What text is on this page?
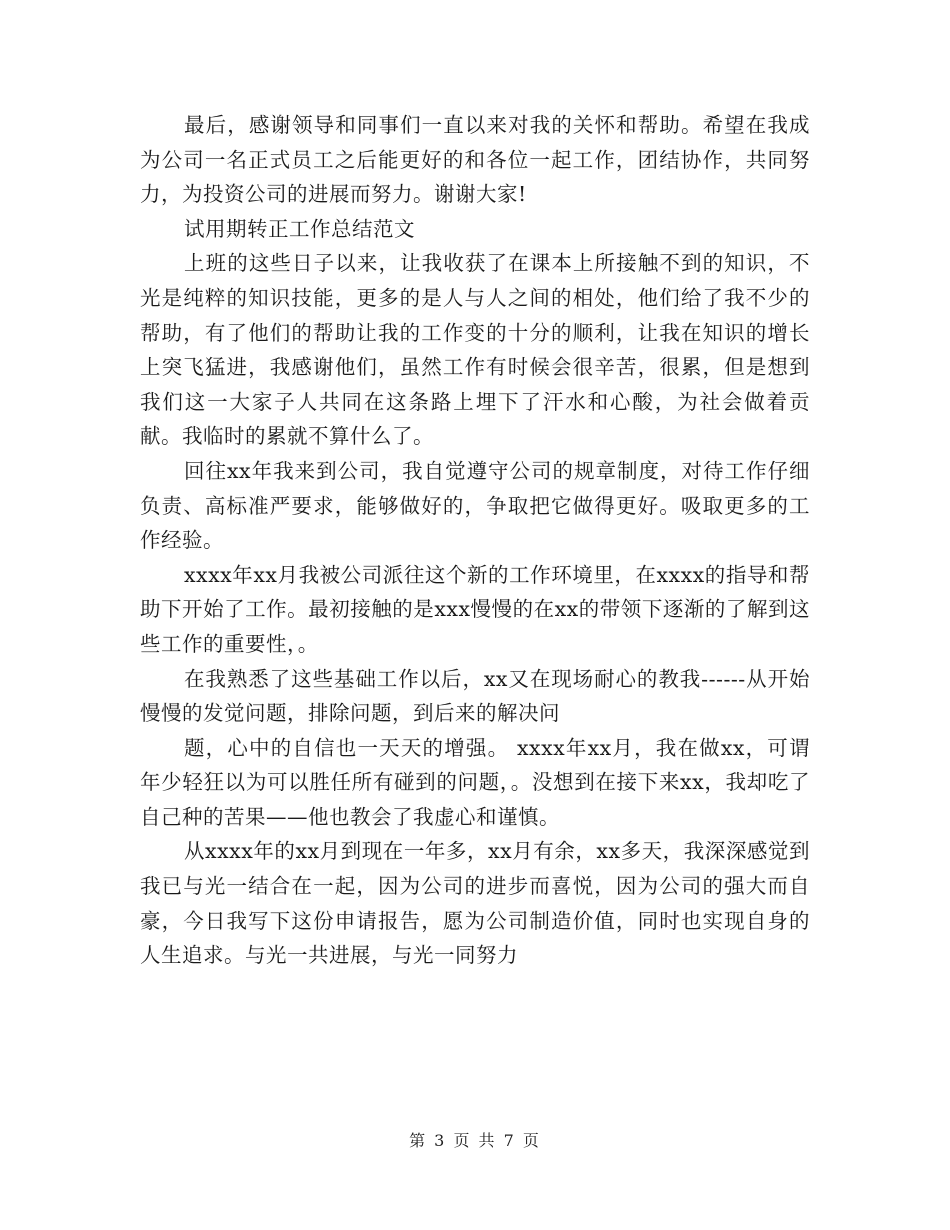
最后，感谢领导和同事们一直以来对我的关怀和帮助。希望在我成为公司一名正式员工之后能更好的和各位一起工作，团结协作，共同努力，为投资公司的进展而努力。谢谢大家!

试用期转正工作总结范文

上班的这些日子以来，让我收获了在课本上所接触不到的知识，不光是纯粹的知识技能，更多的是人与人之间的相处，他们给了我不少的帮助，有了他们的帮助让我的工作变的十分的顺利，让我在知识的增长上突飞猛进，我感谢他们，虽然工作有时候会很辛苦，很累，但是想到我们这一大家子人共同在这条路上埋下了汗水和心酸，为社会做着贡献。我临时的累就不算什么了。

回往xx年我来到公司，我自觉遵守公司的规章制度，对待工作仔细负责、高标准严要求，能够做好的，争取把它做得更好。吸取更多的工作经验。

xxxx年xx月我被公司派往这个新的工作环境里，在xxxx的指导和帮助下开始了工作。最初接触的是xxx慢慢的在xx的带领下逐渐的了解到这些工作的重要性，。

在我熟悉了这些基础工作以后，xx又在现场耐心的教我------从开始慢慢的发觉问题，排除问题，到后来的解决问

题，心中的自信也一天天的增强。 xxxx年xx月，我在做xx，可谓年少轻狂以为可以胜任所有碰到的问题，。没想到在接下来xx，我却吃了自己种的苦果——他也教会了我虚心和谨慎。

从xxxx年的xx月到现在一年多，xx月有余，xx多天，我深深感觉到我已与光一结合在一起，因为公司的进步而喜悦，因为公司的强大而自豪，今日我写下这份申请报告，愿为公司制造价值，同时也实现自身的人生追求。与光一共进展，与光一同努力

第 3 页 共 7 页
